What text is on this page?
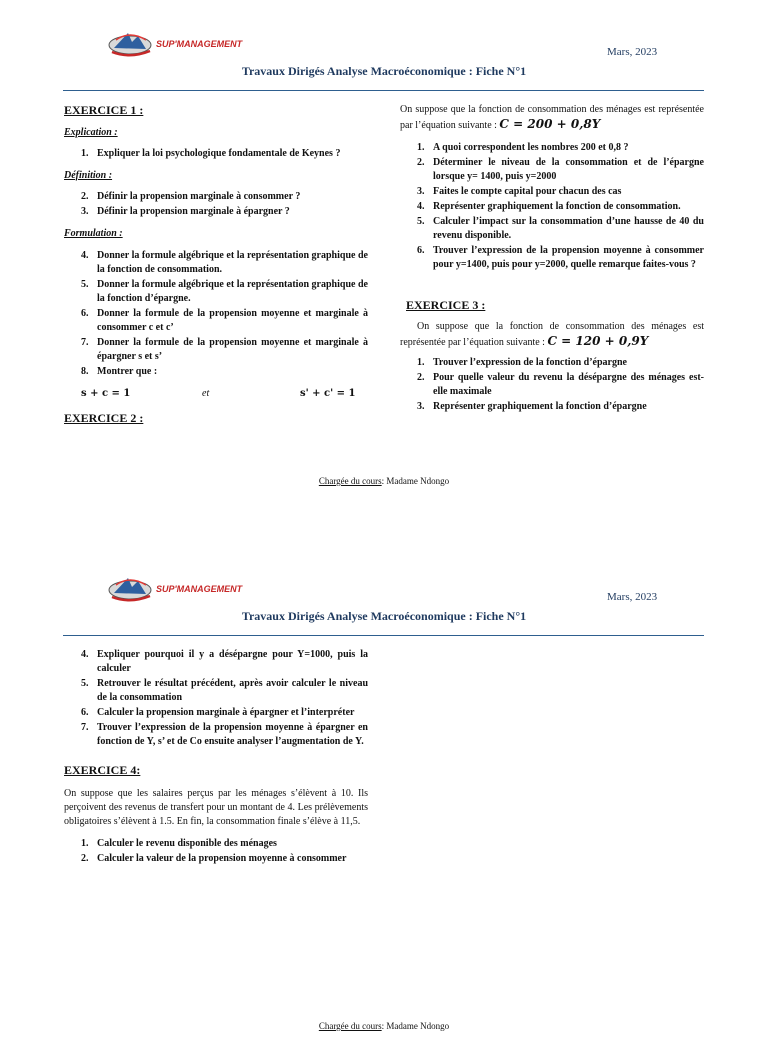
SUP'MANAGEMENT
Mars, 2023
Travaux Dirigés Analyse Macroéconomique : Fiche N°1

EXERCICE 1 :

Explication :

1. Expliquer la loi psychologique fondamentale de Keynes ?

Définition :

2. Définir la propension marginale à consommer ?
3. Définir la propension marginale à épargner ?

Formulation :

4. Donner la formule algébrique et la représentation graphique de la fonction de consommation.
5. Donner la formule algébrique et la représentation graphique de la fonction d’épargne.
6. Donner la formule de la propension moyenne et marginale à consommer c et c’
7. Donner la formule de la propension moyenne et marginale à épargner s et s’
8. Montrer que :
s + c = 1	et	s' + c' = 1

EXERCICE 2 :

On suppose que la fonction de consommation des ménages est représentée par l’équation suivante : C = 200 + 0,8Y

1. A quoi correspondent les nombres 200 et 0,8 ?
2. Déterminer le niveau de la consommation et de l’épargne lorsque y= 1400, puis y=2000
3. Faites le compte capital pour chacun des cas
4. Représenter graphiquement la fonction de consommation.
5. Calculer l’impact sur la consommation d’une hausse de 40 du revenu disponible.
6. Trouver l’expression de la propension moyenne à consommer pour y=1400, puis pour y=2000, quelle remarque faites-vous ?

EXERCICE 3 :

On suppose que la fonction de consommation des ménages est représentée par l’équation suivante : C = 120 + 0,9Y

1. Trouver l’expression de la fonction d’épargne
2. Pour quelle valeur du revenu la désépargne des ménages est-elle maximale
3. Représenter graphiquement la fonction d’épargne
Chargée du cours: Madame Ndongo
SUP'MANAGEMENT
Mars, 2023
Travaux Dirigés Analyse Macroéconomique : Fiche N°1
4. Expliquer pourquoi il y a désépargne pour Y=1000, puis la calculer
5. Retrouver le résultat précédent, après avoir calculer le niveau de la consommation
6. Calculer la propension marginale à épargner et l’interpréter
7. Trouver l’expression de la propension moyenne à épargner en fonction de Y, s’ et de Co ensuite analyser l’augmentation de Y.

EXERCICE 4:

On suppose que les salaires perçus par les ménages s’élèvent à 10. Ils perçoivent des revenus de transfert pour un montant de 4. Les prélèvements obligatoires s’élèvent à 1.5. En fin, la consommation finale s’élève à 11,5.

1. Calculer le revenu disponible des ménages
2. Calculer la valeur de la propension moyenne à consommer
Chargée du cours: Madame Ndongo
